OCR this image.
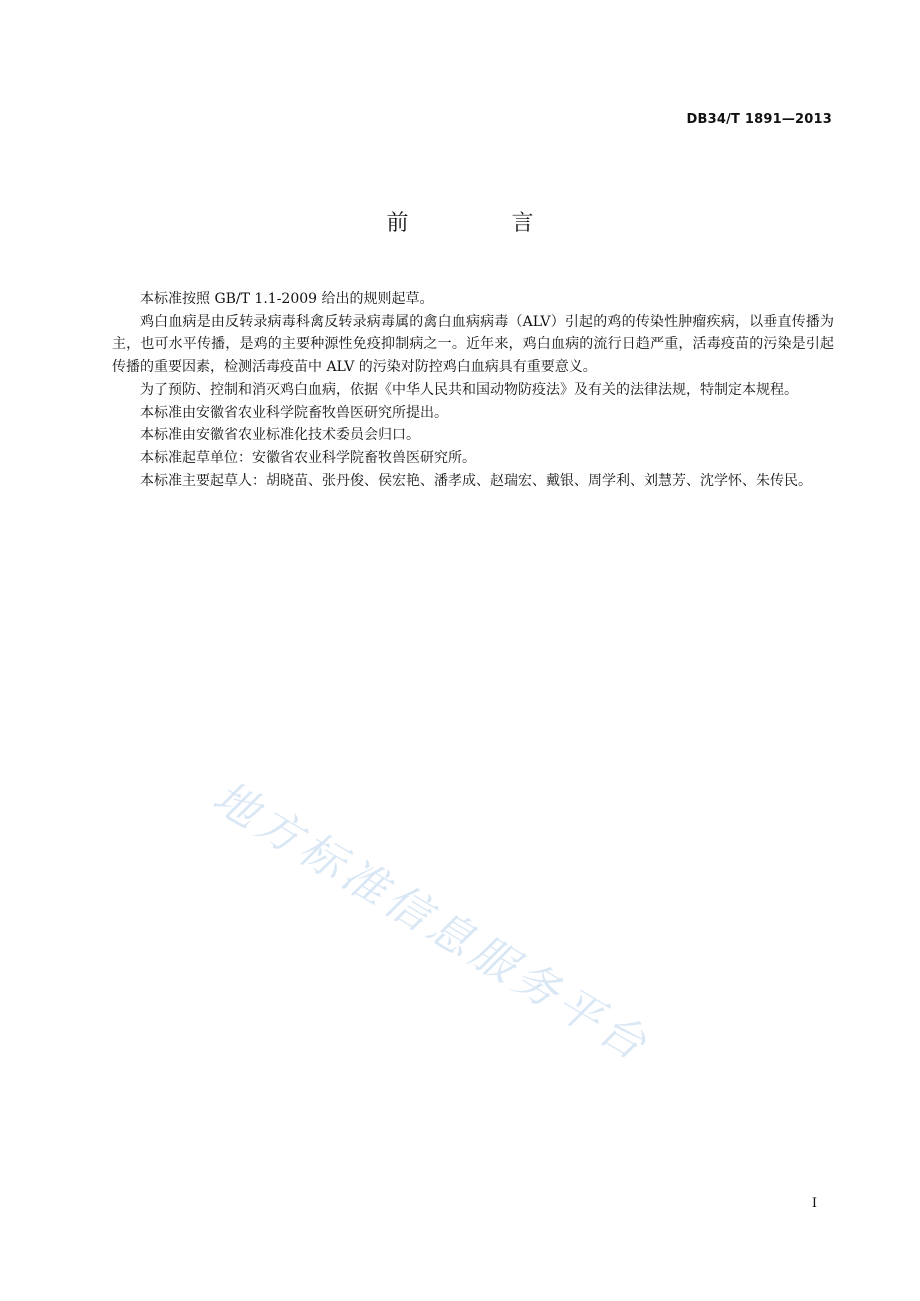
DB34/T 1891—2013
前 言

本标准按照 GB/T 1.1-2009 给出的规则起草。

鸡白血病是由反转录病毒科禽反转录病毒属的禽白血病病毒（ALV）引起的鸡的传染性肿瘤疾病，以垂直传播为主，也可水平传播，是鸡的主要种源性免疫抑制病之一。近年来，鸡白血病的流行日趋严重，活毒疫苗的污染是引起传播的重要因素，检测活毒疫苗中 ALV 的污染对防控鸡白血病具有重要意义。

为了预防、控制和消灭鸡白血病，依据《中华人民共和国动物防疫法》及有关的法律法规，特制定本规程。

本标准由安徽省农业科学院畜牧兽医研究所提出。

本标准由安徽省农业标准化技术委员会归口。

本标准起草单位：安徽省农业科学院畜牧兽医研究所。

本标准主要起草人：胡晓苗、张丹俊、侯宏艳、潘孝成、赵瑞宏、戴银、周学利、刘慧芳、沈学怀、朱传民。

地方标准信息服务平台
I
